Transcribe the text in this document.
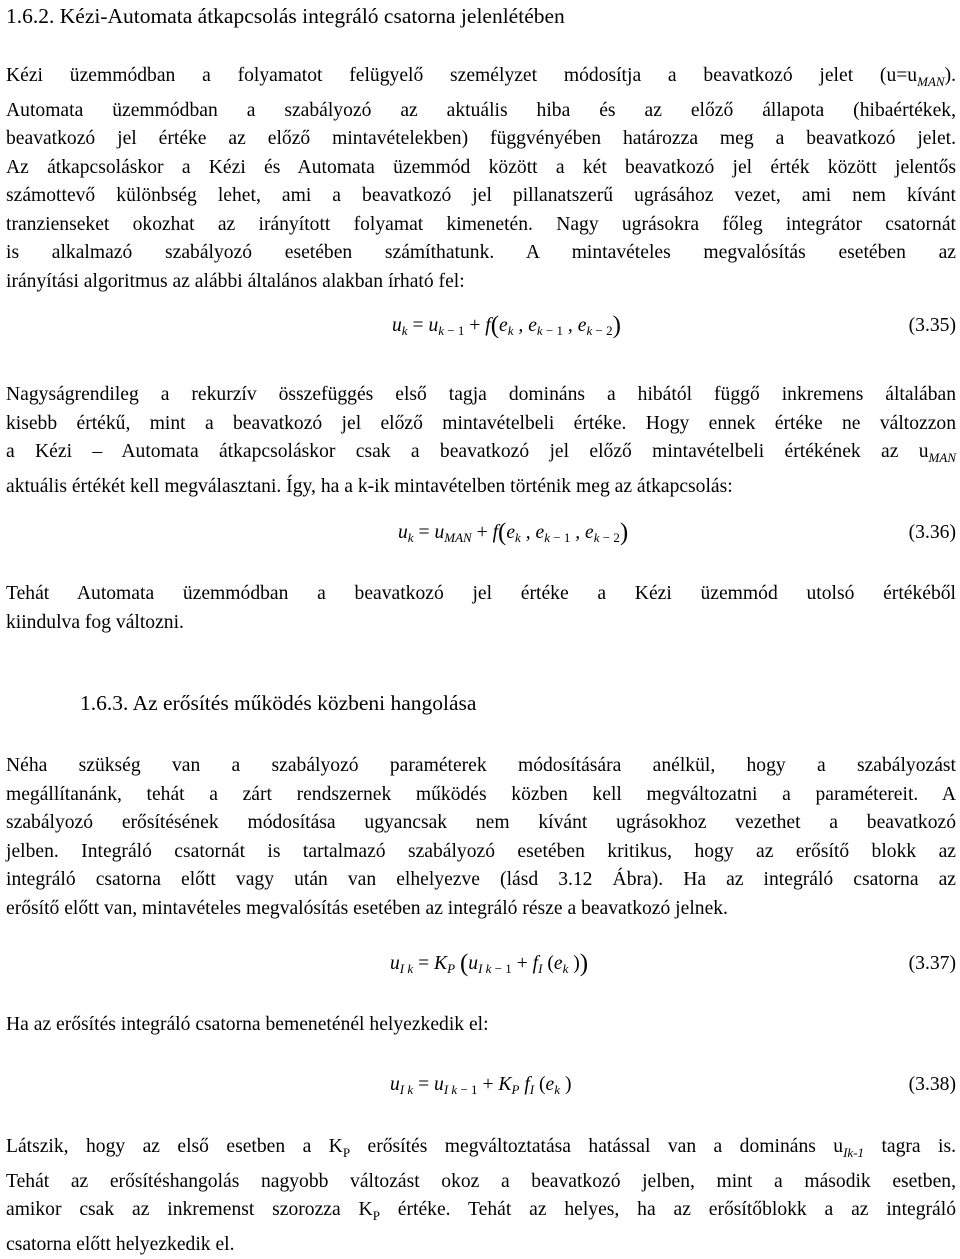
1.6.2. Kézi-Automata átkapcsolás integráló csatorna jelenlétében
Kézi üzemmódban a folyamatot felügyelő személyzet módosítja a beavatkozó jelet $(u=u_{MAN})$.
Automata üzemmódban a szabályozó az aktuális hiba és az előző állapota (hibaértékek,
beavatkozó jel értéke az előző mintavételekben) függvényében határozza meg a beavatkozó jelet.
Az átkapcsoláskor a Kézi és Automata üzemmód között a két beavatkozó jel érték között jelentős
számottevő különbség lehet, ami a beavatkozó jel pillanatszerű ugrásához vezet, ami nem kívánt
tranzienseket okozhat az irányított folyamat kimenetén. Nagy ugrásokra főleg integrátor csatornát
is alkalmazó szabályozó esetében számíthatunk. A mintavételes megvalósítás esetében az
irányítási algoritmus az alábbi általános alakban írható fel:
$u_k = u_{k - 1} + f(e_k$ , $e_{k - 1}$ , $e_{k - 2}$)	(3.35)
Nagyságrendileg a rekurzív összefüggés első tagja domináns a hibától függő inkremens általában
kisebb értékű, mint a beavatkozó jel előző mintavételbeli értéke. Hogy ennek értéke ne változzon
a Kézi – Automata átkapcsoláskor csak a beavatkozó jel előző mintavételbeli értékének az $u_{MAN}$
aktuális értékét kell megválasztani. Így, ha a k-ik mintavételben történik meg az átkapcsolás:
$u_k = u_{MAN} + f(e_k$ , $e_{k - 1}$ , $e_{k - 2}$)	(3.36)
Tehát Automata üzemmódban a beavatkozó jel értéke a Kézi üzemmód utolsó értékéből
kiindulva fog változni.
1.6.3. Az erősítés működés közbeni hangolása
Néha szükség van a szabályozó paraméterek módosítására anélkül, hogy a szabályozást
megállítanánk, tehát a zárt rendszernek működés közben kell megváltozatni a paramétereit. A
szabályozó erősítésének módosítása ugyancsak nem kívánt ugrásokhoz vezethet a beavatkozó
jelben. Integráló csatornát is tartalmazó szabályozó esetében kritikus, hogy az erősítő blokk az
integráló csatorna előtt vagy után van elhelyezve (lásd 3.12 Ábra). Ha az integráló csatorna az
erősítő előtt van, mintavételes megvalósítás esetében az integráló része a beavatkozó jelnek.
$u_{I k} = K_P$ ($u_{I k - 1} + f_I$ ($e_k$ ))	(3.37)
Ha az erősítés integráló csatorna bemeneténél helyezkedik el:
$u_{I k} = u_{I k - 1} + K_P$ $f_I$ ($e_k$ )	(3.38)
Látszik, hogy az első esetben a $K_P$ erősítés megváltoztatása hatással van a domináns $u_{Ik-1}$ tagra is.
Tehát az erősítéshangolás nagyobb változást okoz a beavatkozó jelben, mint a második esetben,
amikor csak az inkremenst szorozza $K_P$ értéke. Tehát az helyes, ha az erősítőblokk a az integráló
csatorna előtt helyezkedik el.
